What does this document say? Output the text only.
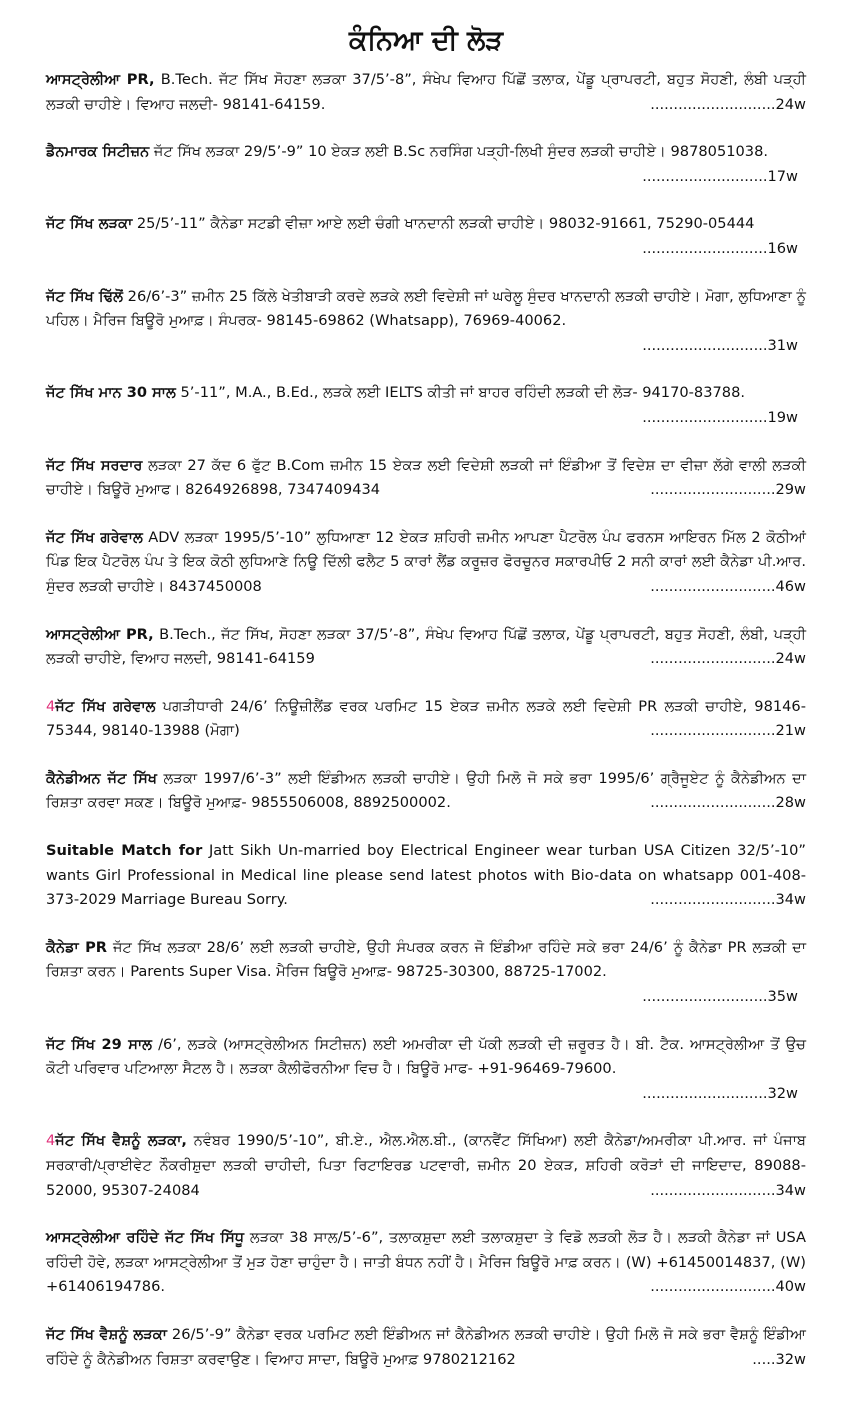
ਕੰਨਿਆ ਦੀ ਲੋੜ
ਆਸਟ੍ਰੇਲੀਆ PR, B.Tech. ਜੱਟ ਸਿੱਖ ਸੋਹਣਾ ਲੜਕਾ 37/5’-8”, ਸੰਖੇਪ ਵਿਆਹ ਪਿੱਛੋਂ ਤਲਾਕ, ਪੇਂਡੂ ਪ੍ਰਾਪਰਟੀ, ਬਹੁਤ ਸੋਹਣੀ, ਲੰਬੀ ਪੜ੍ਹੀ ਲੜਕੀ ਚਾਹੀਏ। ਵਿਆਹ ਜਲਦੀ- 98141-64159.	...........................24w
ਡੈਨਮਾਰਕ ਸਿਟੀਜ਼ਨ ਜੱਟ ਸਿੱਖ ਲੜਕਾ 29/5’-9” 10 ਏਕੜ ਲਈ B.Sc ਨਰਸਿੰਗ ਪੜ੍ਹੀ-ਲਿਖੀ ਸੁੰਦਰ ਲੜਕੀ ਚਾਹੀਏ। 9878051038.
...........................17w
ਜੱਟ ਸਿੱਖ ਲੜਕਾ 25/5’-11” ਕੈਨੇਡਾ ਸਟਡੀ ਵੀਜ਼ਾ ਆਏ ਲਈ ਚੰਗੀ ਖਾਨਦਾਨੀ ਲੜਕੀ ਚਾਹੀਏ। 98032-91661, 75290-05444
...........................16w
ਜੱਟ ਸਿੱਖ ਢਿੱਲੋਂ 26/6’-3” ਜ਼ਮੀਨ 25 ਕਿੱਲੇ ਖੇਤੀਬਾੜੀ ਕਰਦੇ ਲੜਕੇ ਲਈ ਵਿਦੇਸ਼ੀ ਜਾਂ ਘਰੇਲੂ ਸੁੰਦਰ ਖਾਨਦਾਨੀ ਲੜਕੀ ਚਾਹੀਏ। ਮੋਗਾ, ਲੁਧਿਆਣਾ ਨੂੰ ਪਹਿਲ। ਮੈਰਿਜ ਬਿਊਰੋ ਮੁਆਫ਼। ਸੰਪਰਕ- 98145-69862 (Whatsapp), 76969-40062.
...........................31w
ਜੱਟ ਸਿੱਖ ਮਾਨ 30 ਸਾਲ 5’-11”, M.A., B.Ed., ਲੜਕੇ ਲਈ IELTS ਕੀਤੀ ਜਾਂ ਬਾਹਰ ਰਹਿੰਦੀ ਲੜਕੀ ਦੀ ਲੋੜ- 94170-83788.
...........................19w
ਜੱਟ ਸਿੱਖ ਸਰਦਾਰ ਲੜਕਾ 27 ਕੱਦ 6 ਫੁੱਟ B.Com ਜ਼ਮੀਨ 15 ਏਕੜ ਲਈ ਵਿਦੇਸ਼ੀ ਲੜਕੀ ਜਾਂ ਇੰਡੀਆ ਤੋਂ ਵਿਦੇਸ਼ ਦਾ ਵੀਜ਼ਾ ਲੱਗੇ ਵਾਲੀ ਲੜਕੀ ਚਾਹੀਏ। ਬਿਊਰੋ ਮੁਆਫ। 8264926898, 7347409434	...........................29w
ਜੱਟ ਸਿੱਖ ਗਰੇਵਾਲ ADV ਲੜਕਾ 1995/5’-10” ਲੁਧਿਆਣਾ 12 ਏਕੜ ਸ਼ਹਿਰੀ ਜ਼ਮੀਨ ਆਪਣਾ ਪੈਟਰੋਲ ਪੰਪ ਫਰਨਸ ਆਇਰਨ ਮਿੱਲ 2 ਕੋਠੀਆਂ ਪਿੰਡ ਇਕ ਪੈਟਰੋਲ ਪੰਪ ਤੇ ਇਕ ਕੋਠੀ ਲੁਧਿਆਣੇ ਨਿਊ ਦਿੱਲੀ ਫਲੈਟ 5 ਕਾਰਾਂ ਲੈਂਡ ਕਰੂਜ਼ਰ ਫੋਰਚੂਨਰ ਸਕਾਰਪੀਓ 2 ਸਨੀ ਕਾਰਾਂ ਲਈ ਕੈਨੇਡਾ ਪੀ.ਆਰ. ਸੁੰਦਰ ਲੜਕੀ ਚਾਹੀਏ। 8437450008	...........................46w
ਆਸਟ੍ਰੇਲੀਆ PR, B.Tech., ਜੱਟ ਸਿੱਖ, ਸੋਹਣਾ ਲੜਕਾ 37/5’-8”, ਸੰਖੇਪ ਵਿਆਹ ਪਿੱਛੋਂ ਤਲਾਕ, ਪੇਂਡੂ ਪ੍ਰਾਪਰਟੀ, ਬਹੁਤ ਸੋਹਣੀ, ਲੰਬੀ, ਪੜ੍ਹੀ ਲੜਕੀ ਚਾਹੀਏ, ਵਿਆਹ ਜਲਦੀ, 98141-64159	...........................24w
4ਜੱਟ ਸਿੱਖ ਗਰੇਵਾਲ ਪਗੜੀਧਾਰੀ 24/6’ ਨਿਊਜ਼ੀਲੈਂਡ ਵਰਕ ਪਰਮਿਟ 15 ਏਕੜ ਜ਼ਮੀਨ ਲੜਕੇ ਲਈ ਵਿਦੇਸ਼ੀ PR ਲੜਕੀ ਚਾਹੀਏ, 98146-75344, 98140-13988 (ਮੋਗਾ)	...........................21w
ਕੈਨੇਡੀਅਨ ਜੱਟ ਸਿੱਖ ਲੜਕਾ 1997/6’-3” ਲਈ ਇੰਡੀਅਨ ਲੜਕੀ ਚਾਹੀਏ। ਉਹੀ ਮਿਲੋ ਜੋ ਸਕੇ ਭਰਾ 1995/6’ ਗ੍ਰੈਜੂਏਟ ਨੂੰ ਕੈਨੇਡੀਅਨ ਦਾ ਰਿਸ਼ਤਾ ਕਰਵਾ ਸਕਣ। ਬਿਊਰੋ ਮੁਆਫ਼- 9855506008, 8892500002.	...........................28w
Suitable Match for Jatt Sikh Un-married boy Electrical Engineer wear turban USA Citizen 32/5’-10” wants Girl Professional in Medical line please send latest photos with Bio-data on whatsapp 001-408-373-2029 Marriage Bureau Sorry.	...........................34w
ਕੈਨੇਡਾ PR ਜੱਟ ਸਿੱਖ ਲੜਕਾ 28/6’ ਲਈ ਲੜਕੀ ਚਾਹੀਏ, ਉਹੀ ਸੰਪਰਕ ਕਰਨ ਜੋ ਇੰਡੀਆ ਰਹਿੰਦੇ ਸਕੇ ਭਰਾ 24/6’ ਨੂੰ ਕੈਨੇਡਾ PR ਲੜਕੀ ਦਾ ਰਿਸ਼ਤਾ ਕਰਨ। Parents Super Visa. ਮੈਰਿਜ ਬਿਊਰੋ ਮੁਆਫ਼- 98725-30300, 88725-17002.
...........................35w
ਜੱਟ ਸਿੱਖ 29 ਸਾਲ /6’, ਲੜਕੇ (ਆਸਟ੍ਰੇਲੀਅਨ ਸਿਟੀਜ਼ਨ) ਲਈ ਅਮਰੀਕਾ ਦੀ ਪੱਕੀ ਲੜਕੀ ਦੀ ਜ਼ਰੂਰਤ ਹੈ। ਬੀ. ਟੈਕ. ਆਸਟ੍ਰੇਲੀਆ ਤੋਂ ਉਚ ਕੋਟੀ ਪਰਿਵਾਰ ਪਟਿਆਲਾ ਸੈਟਲ ਹੈ। ਲੜਕਾ ਕੈਲੀਫੋਰਨੀਆ ਵਿਚ ਹੈ। ਬਿਊਰੋ ਮਾਫ- +91-96469-79600.
...........................32w
4ਜੱਟ ਸਿੱਖ ਵੈਸ਼ਨੂੰ ਲੜਕਾ, ਨਵੰਬਰ 1990/5’-10”, ਬੀ.ਏ., ਐਲ.ਐਲ.ਬੀ., (ਕਾਨਵੈਂਟ ਸਿੱਖਿਆ) ਲਈ ਕੈਨੇਡਾ/ਅਮਰੀਕਾ ਪੀ.ਆਰ. ਜਾਂ ਪੰਜਾਬ ਸਰਕਾਰੀ/ਪ੍ਰਾਈਵੇਟ ਨੌਕਰੀਸ਼ੁਦਾ ਲੜਕੀ ਚਾਹੀਦੀ, ਪਿਤਾ ਰਿਟਾਇਰਡ ਪਟਵਾਰੀ, ਜ਼ਮੀਨ 20 ਏਕੜ, ਸ਼ਹਿਰੀ ਕਰੋੜਾਂ ਦੀ ਜਾਇਦਾਦ, 89088-52000, 95307-24084	...........................34w
ਆਸਟ੍ਰੇਲੀਆ ਰਹਿੰਦੇ ਜੱਟ ਸਿੱਖ ਸਿੱਧੂ ਲੜਕਾ 38 ਸਾਲ/5’-6”, ਤਲਾਕਸ਼ੁਦਾ ਲਈ ਤਲਾਕਸ਼ੁਦਾ ਤੇ ਵਿਡੋ ਲੜਕੀ ਲੋੜ ਹੈ। ਲੜਕੀ ਕੈਨੇਡਾ ਜਾਂ USA ਰਹਿੰਦੀ ਹੋਵੇ, ਲੜਕਾ ਆਸਟ੍ਰੇਲੀਆ ਤੋਂ ਮੁੜ ਹੋਣਾ ਚਾਹੁੰਦਾ ਹੈ। ਜਾਤੀ ਬੰਧਨ ਨਹੀਂ ਹੈ। ਮੈਰਿਜ ਬਿਊਰੋ ਮਾਫ਼ ਕਰਨ। (W) +61450014837, (W) +61406194786.	...........................40w
ਜੱਟ ਸਿੱਖ ਵੈਸ਼ਨੂੰ ਲੜਕਾ 26/5’-9” ਕੈਨੇਡਾ ਵਰਕ ਪਰਮਿਟ ਲਈ ਇੰਡੀਅਨ ਜਾਂ ਕੈਨੇਡੀਅਨ ਲੜਕੀ ਚਾਹੀਏ। ਉਹੀ ਮਿਲੋ ਜੋ ਸਕੇ ਭਰਾ ਵੈਸ਼ਨੂੰ ਇੰਡੀਆ ਰਹਿੰਦੇ ਨੂੰ ਕੈਨੇਡੀਅਨ ਰਿਸ਼ਤਾ ਕਰਵਾਉਣ। ਵਿਆਹ ਸਾਦਾ, ਬਿਊਰੋ ਮੁਆਫ਼ 9780212162	.....32w
